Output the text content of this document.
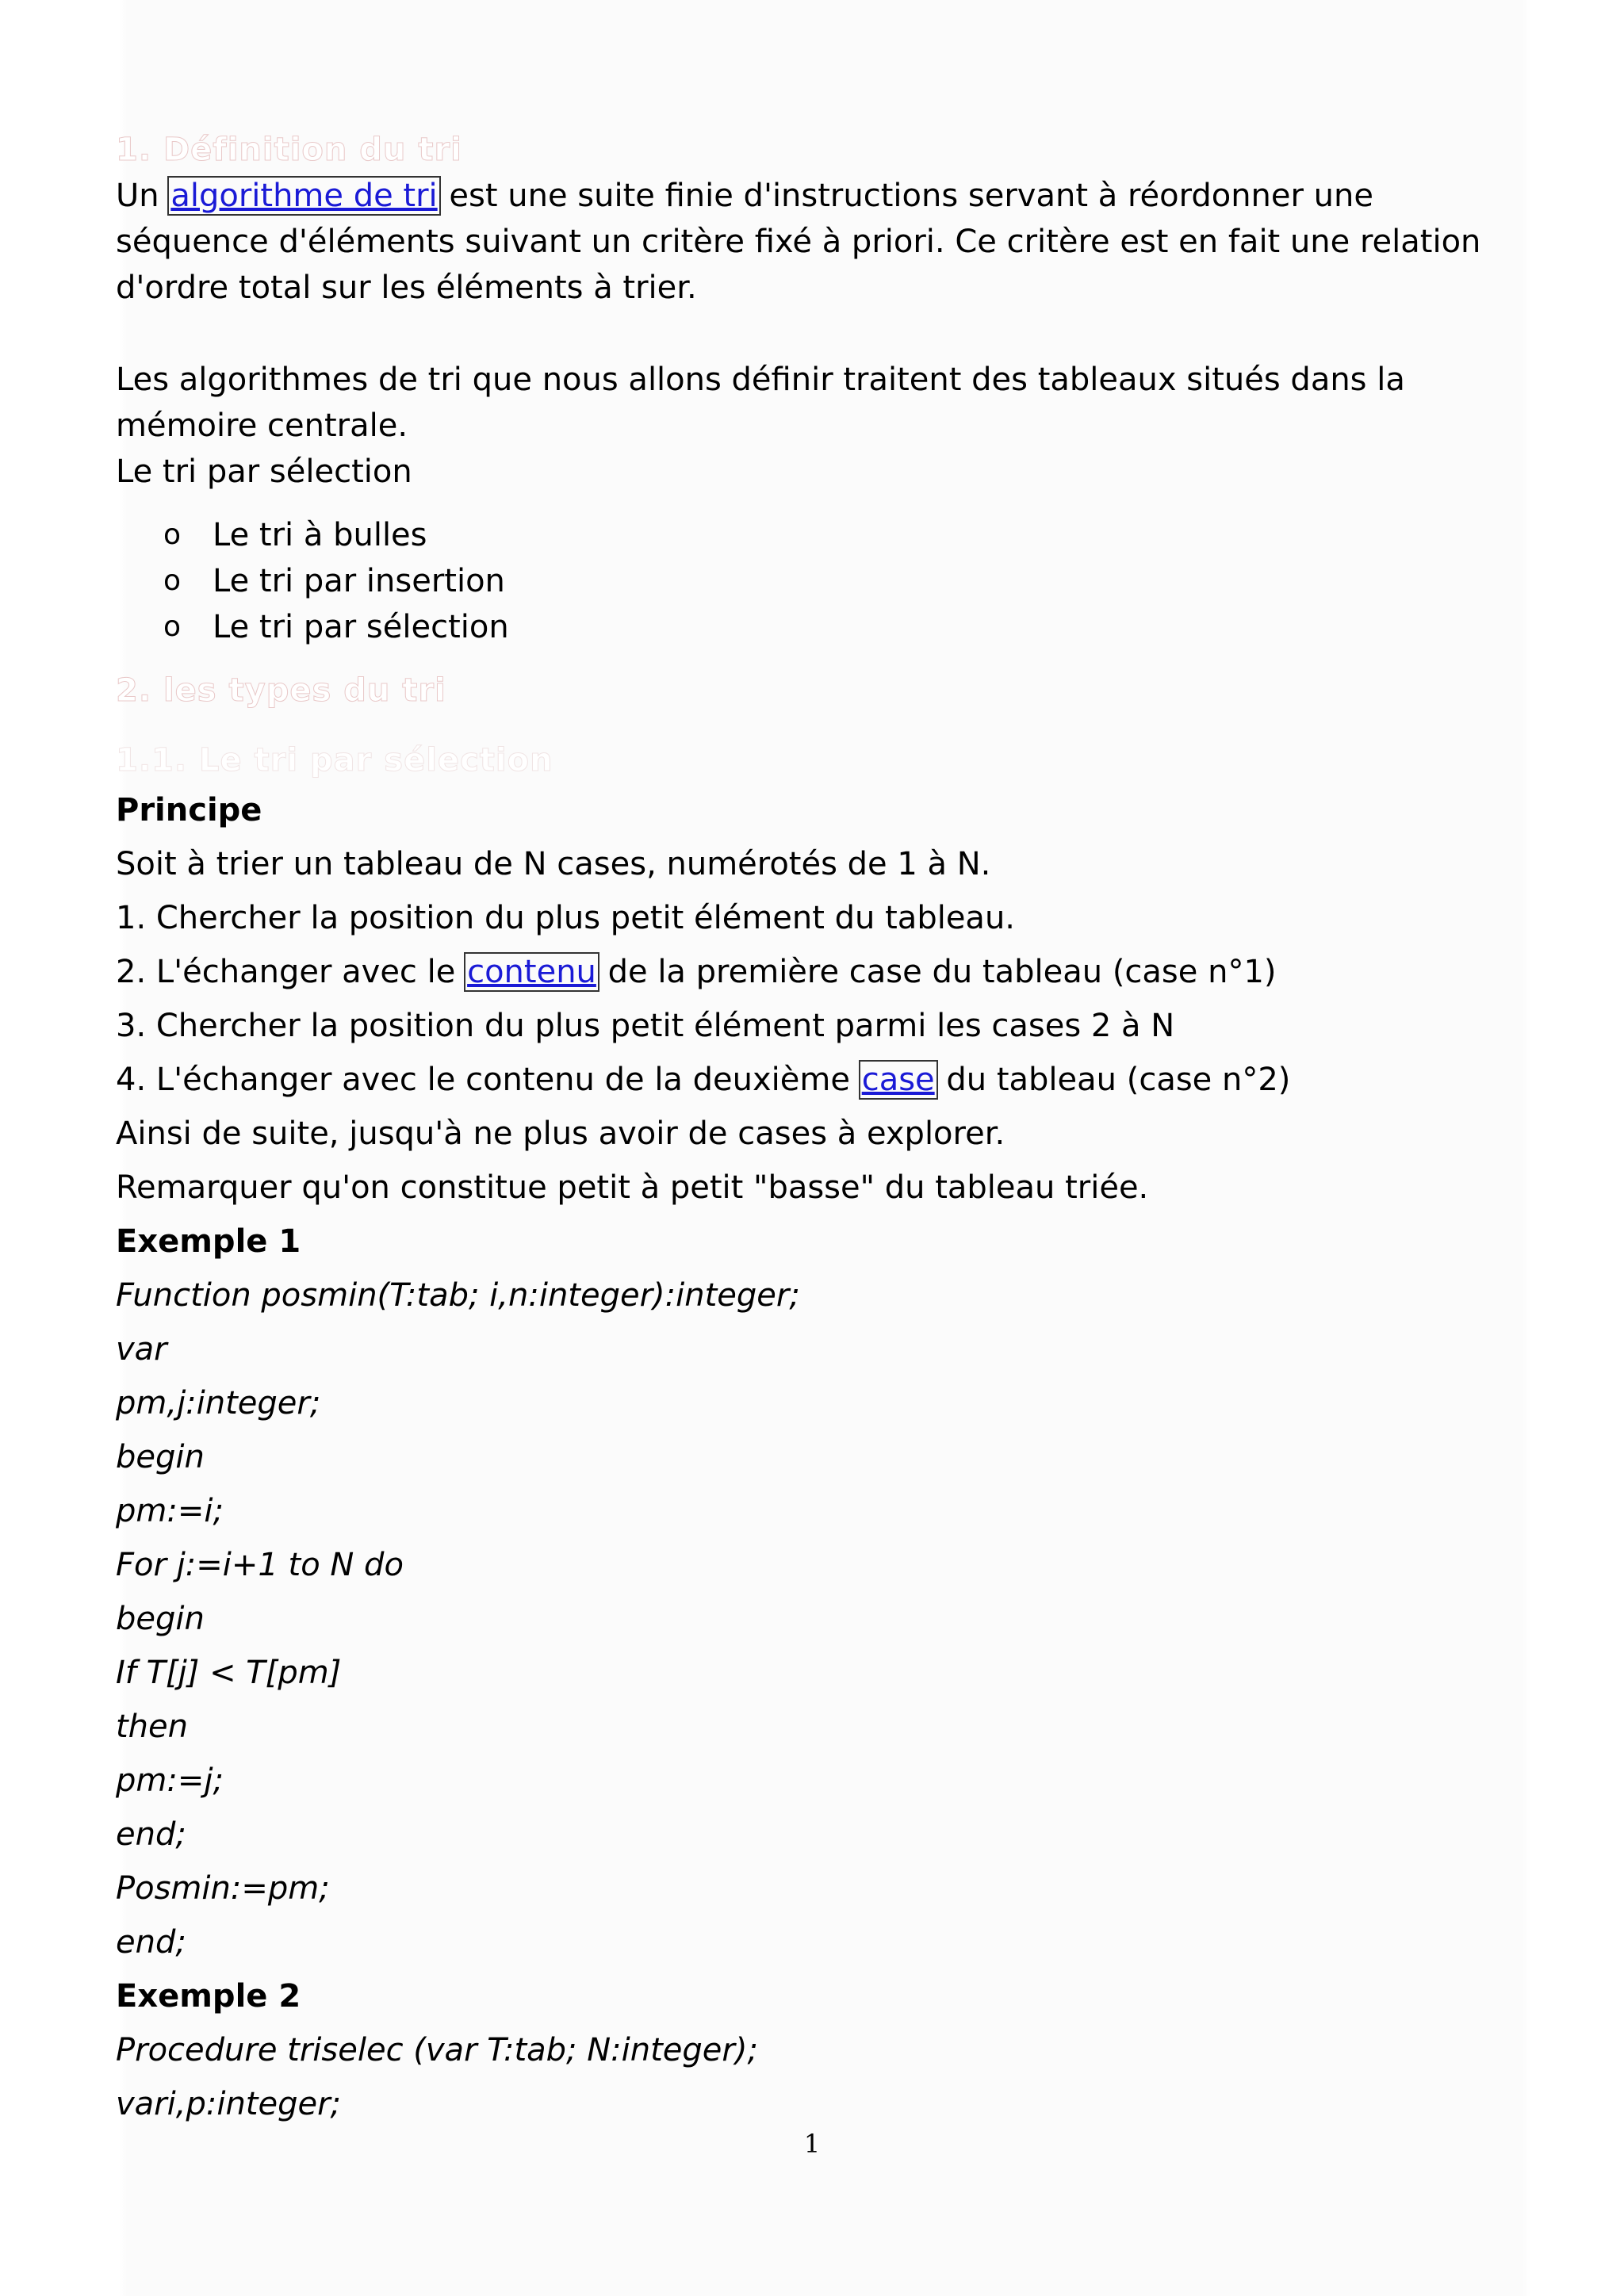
1. Définition du tri

Un algorithme de tri est une suite finie d'instructions servant à réordonner une séquence d'éléments suivant un critère fixé à priori. Ce critère est en fait une relation d'ordre total sur les éléments à trier.

Les algorithmes de tri que nous allons définir traitent des tableaux situés dans la mémoire centrale.

Le tri par sélection

o Le tri à bulles
o Le tri par insertion
o Le tri par sélection
2. les types du tri
1.1. Le tri par sélection

Principe

Soit à trier un tableau de N cases, numérotés de 1 à N.

1. Chercher la position du plus petit élément du tableau.

2. L'échanger avec le contenu de la première case du tableau (case n°1)

3. Chercher la position du plus petit élément parmi les cases 2 à N

4. L'échanger avec le contenu de la deuxième case du tableau (case n°2)

Ainsi de suite, jusqu'à ne plus avoir de cases à explorer.

Remarquer qu'on constitue petit à petit "basse" du tableau triée.

Exemple 1

Function posmin(T:tab; i,n:integer):integer;

var

pm,j:integer;

begin

pm:=i;

For j:=i+1 to N do

begin

If T[j] < T[pm]

then

pm:=j;

end;

Posmin:=pm;

end;

Exemple 2

Procedure triselec (var T:tab; N:integer);

vari,p:integer;

1
